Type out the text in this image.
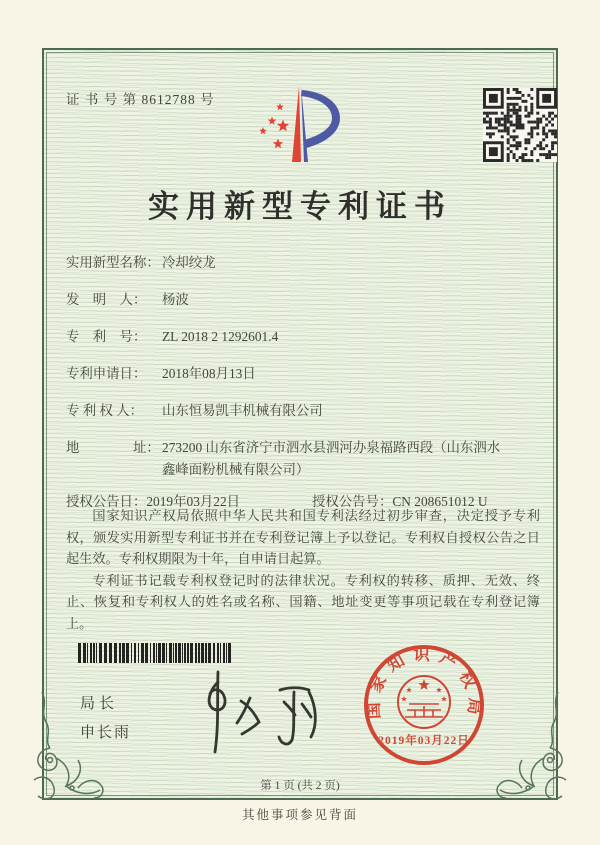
证 书 号 第 8612788 号
实用新型专利证书
实用新型名称： 冷却绞龙
发　明　人：	杨波
专　利　号：	ZL 2018 2 1292601.4
专利申请日：	2018年08月13日
专 利 权 人：	山东恒易凯丰机械有限公司
地　　　　址： 273200 山东省济宁市泗水县泗河办泉福路西段（山东泗水鑫峰面粉机械有限公司）
授权公告日： 2019年03月22日	授权公告号： CN 208651012 U

国家知识产权局依照中华人民共和国专利法经过初步审查，决定授予专利权，颁发实用新型专利证书并在专利登记簿上予以登记。专利权自授权公告之日起生效。专利权期限为十年，自申请日起算。

专利证书记载专利权登记时的法律状况。专利权的转移、质押、无效、终止、恢复和专利权人的姓名或名称、国籍、地址变更等事项记载在专利登记簿上。

局长
申长雨
国家知识产权局
2019年03月22日
第 1 页 (共 2 页)
其他事项参见背面
